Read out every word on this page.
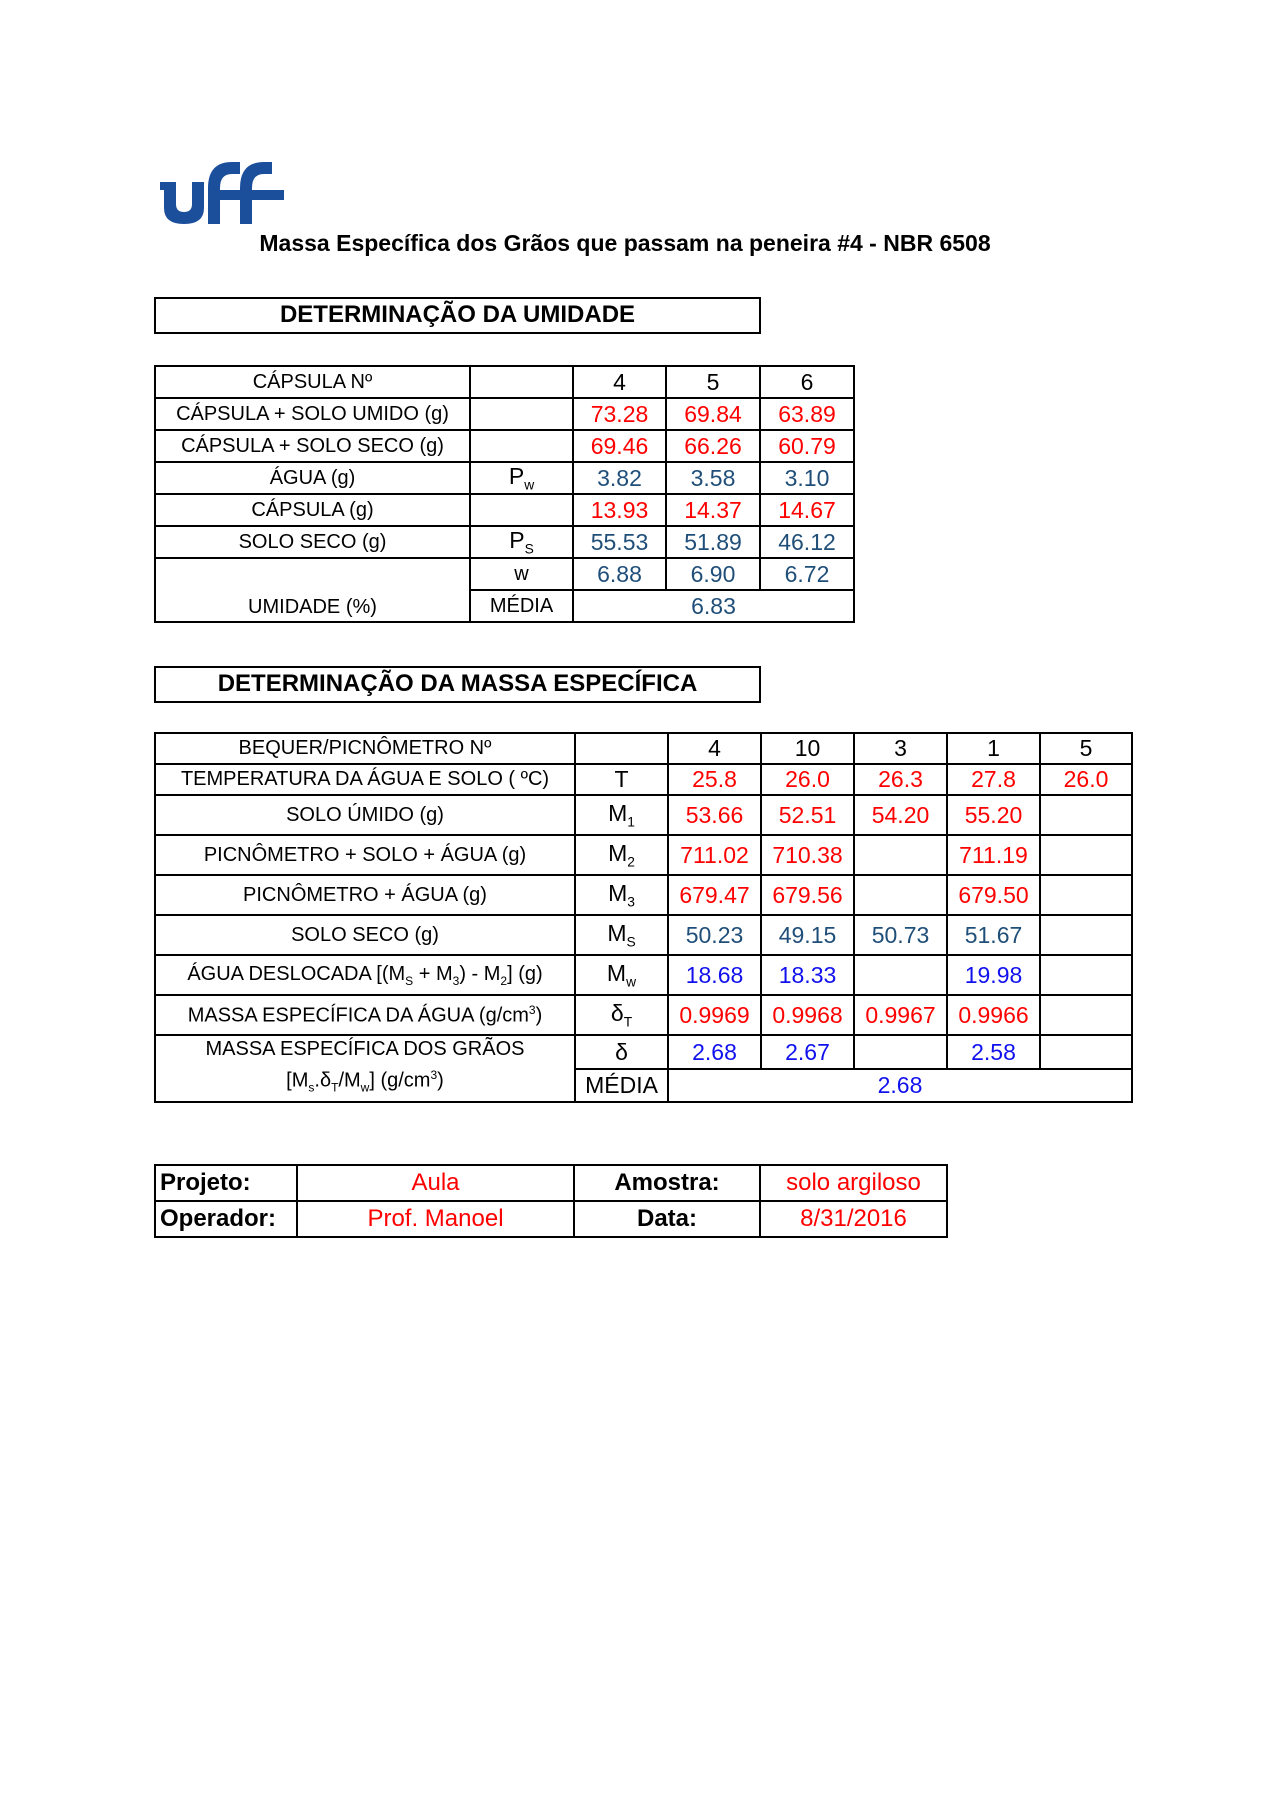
Massa Específica dos Grãos que passam na peneira #4 - NBR 6508
DETERMINAÇÃO DA UMIDADE
CÁPSULA Nº		4	5	6
CÁPSULA + SOLO UMIDO (g)		73.28	69.84	63.89
CÁPSULA + SOLO SECO (g)		69.46	66.26	60.79
ÁGUA (g)	$P_w$	3.82	3.58	3.10
CÁPSULA (g)		13.93	14.37	14.67
SOLO SECO (g)	$P_S$	55.53	51.89	46.12
UMIDADE (%)	w	6.88	6.90	6.72
	MÉDIA	6.83		
DETERMINAÇÃO DA MASSA ESPECÍFICA
BEQUER/PICNÔMETRO Nº		4	10	3	1	5
TEMPERATURA DA ÁGUA E SOLO ( ºC)	T	25.8	26.0	26.3	27.8	26.0
SOLO ÚMIDO (g)	$M_1$	53.66	52.51	54.20	55.20	
PICNÔMETRO + SOLO + ÁGUA (g)	$M_2$	711.02	710.38		711.19	
PICNÔMETRO + ÁGUA (g)	$M_3$	679.47	679.56		679.50	
SOLO SECO (g)	$M_S$	50.23	49.15	50.73	51.67	
ÁGUA DESLOCADA $[(M_S + M_3) - M_2]$ (g)	$M_w$	18.68	18.33		19.98	
MASSA ESPECÍFICA DA ÁGUA $(g/cm^3)$	$\delta_T$	0.9969	0.9968	0.9967	0.9966	

MASSA ESPECÍFICA DOS GRÃOS
$[M_s.\delta_T/M_w]$ $(g/cm^3)$	δ	2.68	2.67		2.58	
	MÉDIA	2.68				
Projeto:	Aula	Amostra:	solo argiloso
Operador:	Prof. Manoel	Data:	8/31/2016
